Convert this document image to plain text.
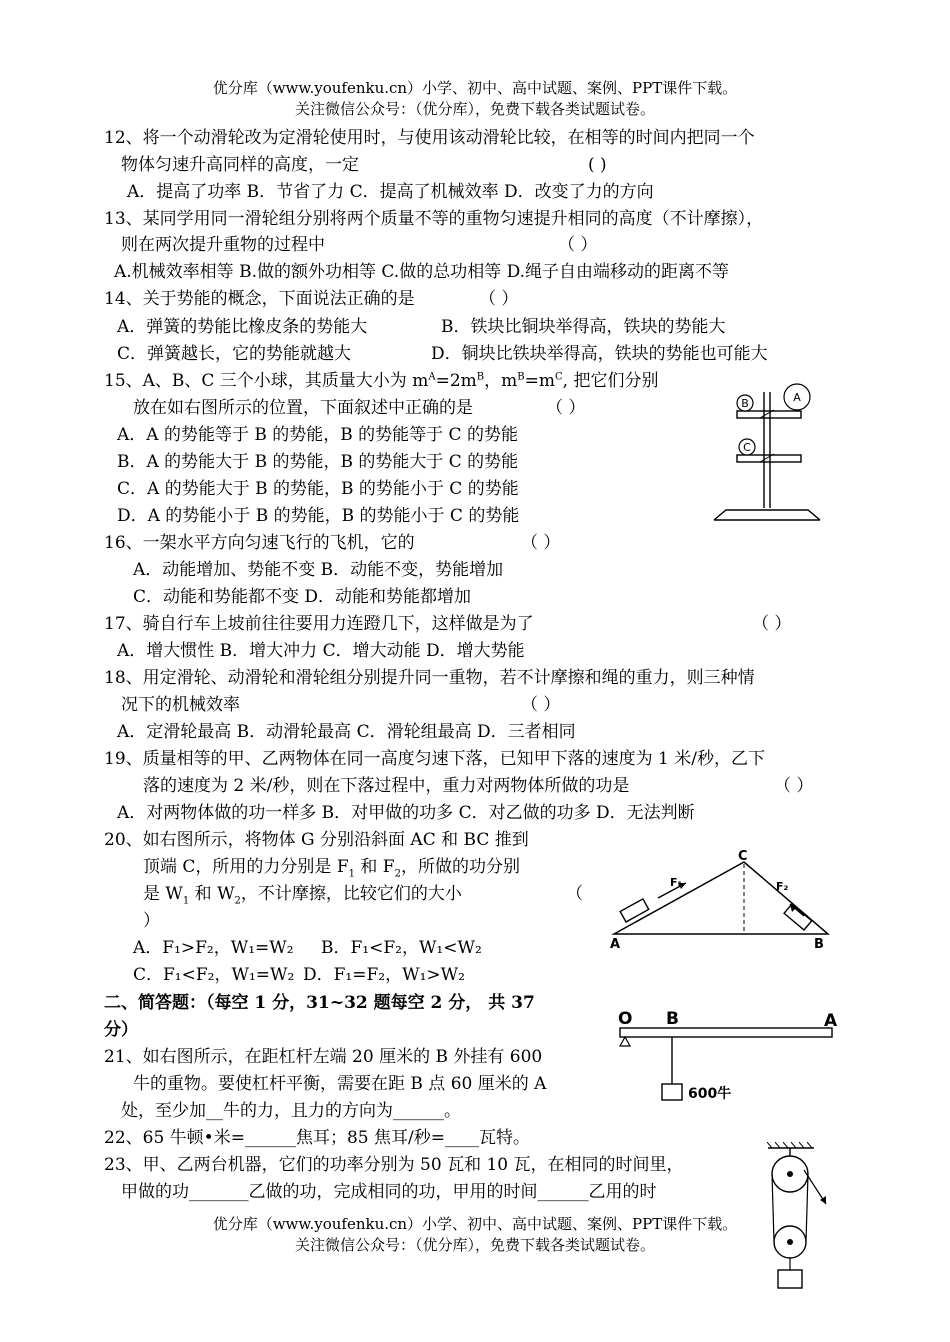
优分库（www.youfenku.cn）小学、初中、高中试题、案例、PPT课件下载。
关注微信公众号：（优分库），免费下载各类试题试卷。
12、将一个动滑轮改为定滑轮使用时，与使用该动滑轮比较，在相等的时间内把同一个
物体匀速升高同样的高度，一定	( )
A．提高了功率 B．节省了力 C．提高了机械效率 D．改变了力的方向
13、某同学用同一滑轮组分别将两个质量不等的重物匀速提升相同的高度（不计摩擦），
则在两次提升重物的过程中	（ ）
A.机械效率相等 B.做的额外功相等 C.做的总功相等 D.绳子自由端移动的距离不等
14、关于势能的概念，下面说法正确的是	（ ）
A．弹簧的势能比橡皮条的势能大	B．铁块比铜块举得高，铁块的势能大
C．弹簧越长，它的势能就越大	D．铜块比铁块举得高，铁块的势能也可能大
15、A、B、C 三个小球，其质量大小为 $m^A=2m^B$，$m^B=m^C$, 把它们分别
放在如右图所示的位置，下面叙述中正确的是	（ ）
A．A 的势能等于 B 的势能，B 的势能等于 C 的势能
B．A 的势能大于 B 的势能，B 的势能大于 C 的势能
C．A 的势能大于 B 的势能，B 的势能小于 C 的势能
D．A 的势能小于 B 的势能，B 的势能小于 C 的势能
B	A
C
16、一架水平方向匀速飞行的飞机，它的	（ ）
A．动能增加、势能不变 B．动能不变，势能增加
C．动能和势能都不变 D．动能和势能都增加
17、骑自行车上坡前往往要用力连蹬几下，这样做是为了	（ ）
A．增大惯性 B．增大冲力 C．增大动能 D．增大势能
18、用定滑轮、动滑轮和滑轮组分别提升同一重物，若不计摩擦和绳的重力，则三种情
况下的机械效率	（ ）
A．定滑轮最高 B．动滑轮最高 C．滑轮组最高 D．三者相同
19、质量相等的甲、乙两物体在同一高度匀速下落，已知甲下落的速度为 1 米/秒，乙下
落的速度为 2 米/秒，则在下落过程中，重力对两物体所做的功是	（ ）
A．对两物体做的功一样多 B．对甲做的功多 C．对乙做的功多 D．无法判断
20、如右图所示，将物体 G 分别沿斜面 AC 和 BC 推到
顶端 C，所用的力分别是 $F_1$ 和 $F_2$，所做的功分别
是 $W_1$ 和 $W_2$，不计摩擦，比较它们的大小	（
）
A．F₁>F₂，W₁=W₂ B．F₁<F₂，W₁<W₂
C．F₁<F₂，W₁=W₂ D．F₁=F₂，W₁>W₂
C
F₁	F₂
A	B
二、简答题：（每空 1 分，31~32 题每空 2 分， 共 37
分）
21、如右图所示，在距杠杆左端 20 厘米的 B 外挂有 600
牛的重物。要使杠杆平衡，需要在距 B 点 60 厘米的 A
处，至少加__牛的力，且力的方向为______。
O B	A
600牛
22、65 牛顿•米=______焦耳；85 焦耳/秒=____瓦特。
23、甲、乙两台机器，它们的功率分别为 50 瓦和 10 瓦，在相同的时间里，
甲做的功_______乙做的功，完成相同的功，甲用的时间______乙用的时
优分库（www.youfenku.cn）小学、初中、高中试题、案例、PPT课件下载。
关注微信公众号：（优分库），免费下载各类试题试卷。
